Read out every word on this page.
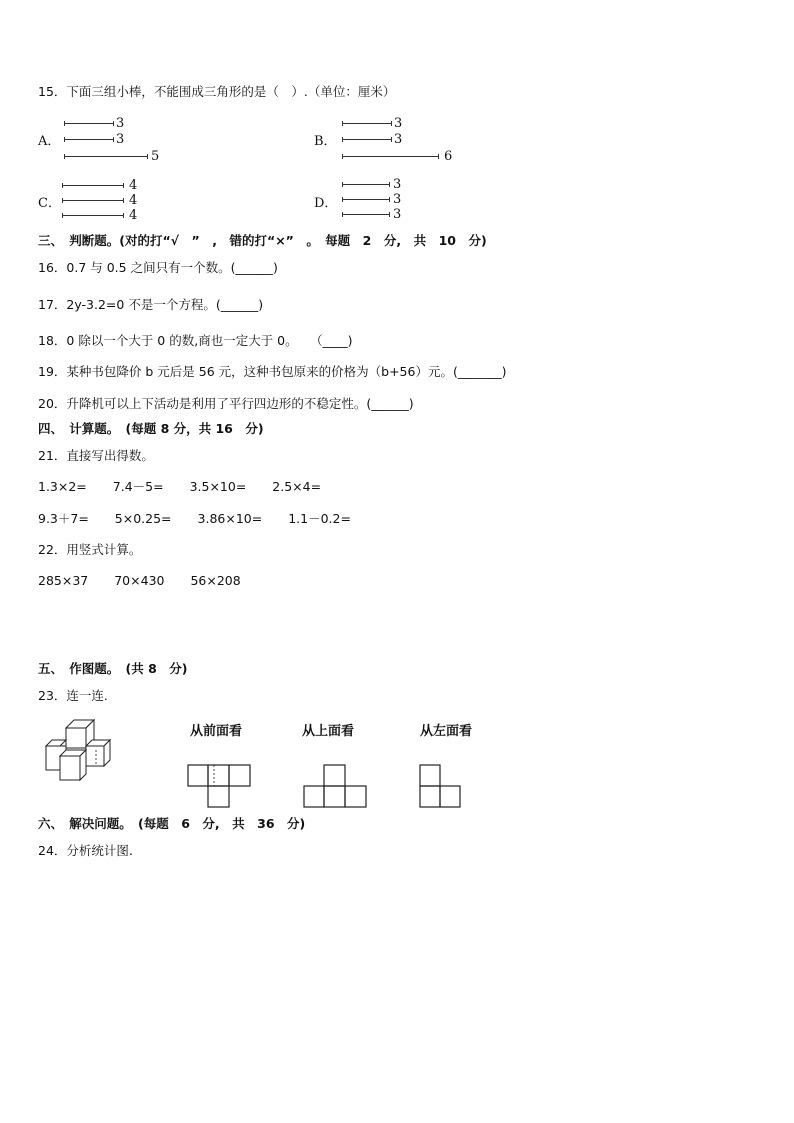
15．下面三组小棒，不能围成三角形的是（　）.（单位：厘米）
A．
3
3
5
B．
3
3
6
C．
4
4
4
D．
3
3
3
三、　判断题。(对的打“√　”　,　错的打“×”　。　每题　2　分,　共　10　分)
16．0.7 与 0.5 之间只有一个数。(______)
17．2y-3.2=0 不是一个方程。(______)
18．0 除以一个大于 0 的数,商也一定大于 0。　　（____)
19．某种书包降价 b 元后是 56 元，这种书包原来的价格为（b+56）元。(_______)
20．升降机可以上下活动是利用了平行四边形的不稳定性。(______)
四、　计算题。　(每题 8 分，共 16　分)
21．直接写出得数。
1.3×2= 7.4－5= 3.5×10= 2.5×4=
9.3＋7= 5×0.25= 3.86×10= 1.1－0.2=
22．用竖式计算。
285×37 70×430 56×208
五、　作图题。　(共 8　分)
23．连一连.
从前面看	从上面看	从左面看
六、　解决问题。　(每题　6　分,　共　36　分)
24．分析统计图.
